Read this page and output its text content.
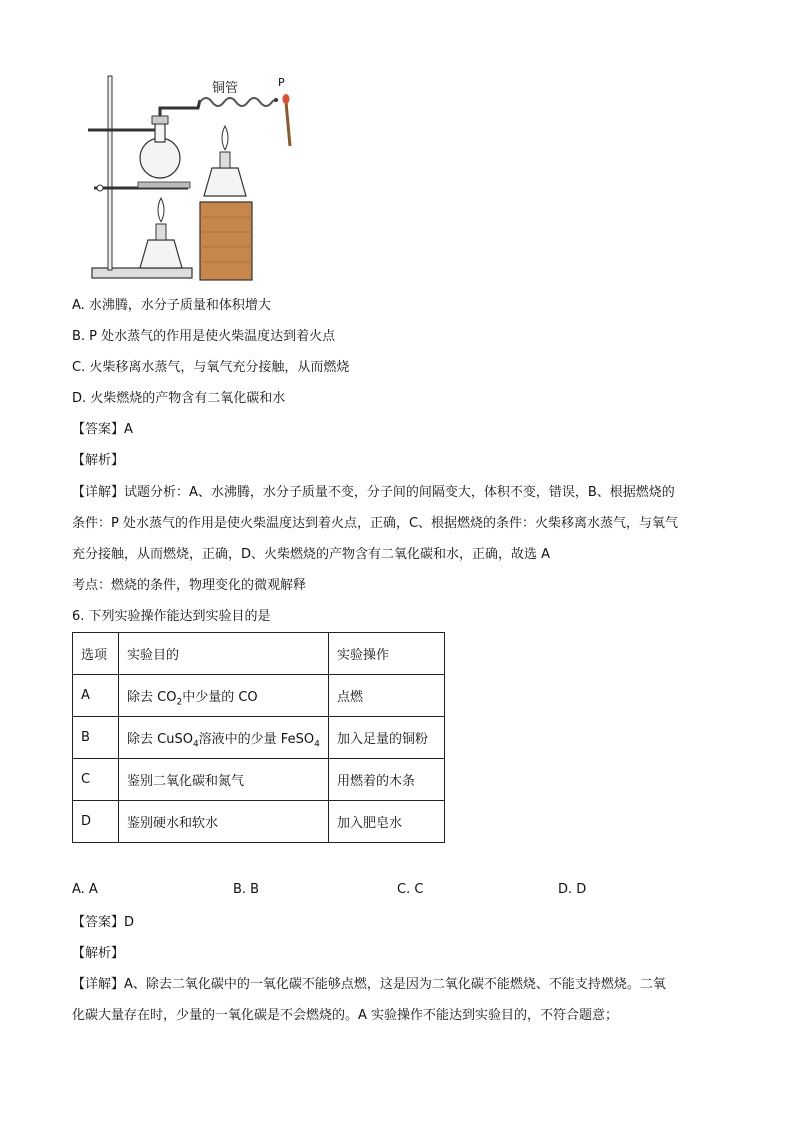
铜管	P
A. 水沸腾，水分子质量和体积增大
B. P 处水蒸气的作用是使火柴温度达到着火点
C. 火柴移离水蒸气，与氧气充分接触，从而燃烧
D. 火柴燃烧的产物含有二氧化碳和水
【答案】A
【解析】
【详解】试题分析：A、水沸腾，水分子质量不变，分子间的间隔变大，体积不变，错误，B、根据燃烧的
条件：P 处水蒸气的作用是使火柴温度达到着火点，正确，C、根据燃烧的条件：火柴移离水蒸气，与氧气
充分接触，从而燃烧，正确，D、火柴燃烧的产物含有二氧化碳和水，正确，故选 A
考点：燃烧的条件，物理变化的微观解释
6. 下列实验操作能达到实验目的是
选项	实验目的	实验操作
A	除去 $CO_2$中少量的 CO	点燃
B	除去 CuSO$_4$溶液中的少量 FeSO$_4$	加入足量的铜粉
C	鉴别二氧化碳和氮气	用燃着的木条
D	鉴别硬水和软水	加入肥皂水
A. A	B. B	C. C	D. D
【答案】D
【解析】
【详解】A、除去二氧化碳中的一氧化碳不能够点燃，这是因为二氧化碳不能燃烧、不能支持燃烧。二氧
化碳大量存在时，少量的一氧化碳是不会燃烧的。A 实验操作不能达到实验目的，不符合题意；
